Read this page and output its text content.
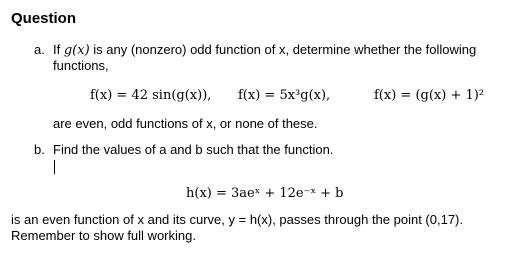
Question
a. If g(x) is any (nonzero) odd function of x, determine whether the following
functions,
f(x) = 42 sin(g(x)), f(x) = 5x³g(x),	f(x) = (g(x) + 1)²
are even, odd functions of x, or none of these.
b. Find the values of a and b such that the function.
h(x) = 3aeˣ + 12e⁻ˣ + b
is an even function of x and its curve, y = h(x), passes through the point (0,17).
Remember to show full working.
